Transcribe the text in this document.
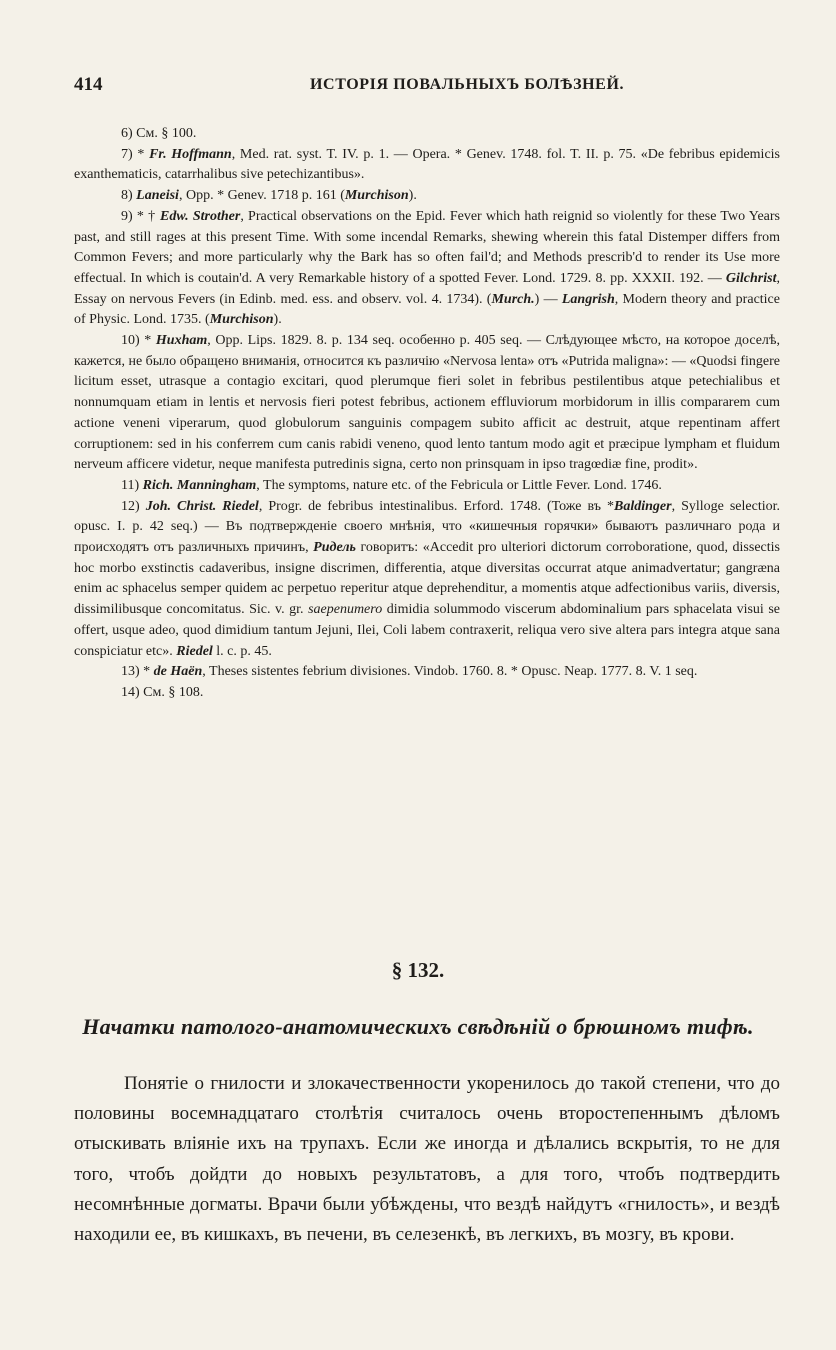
414	ИСТОРІЯ ПОВАЛЬНЫХЪ БОЛѢЗНЕЙ.

6) См. § 100.

7) * Fr. Hoffmann, Med. rat. syst. T. IV. p. 1. — Opera. * Genev. 1748. fol. T. II. p. 75. «De febribus epidemicis exanthematicis, catarrhalibus sive petechizantibus».

8) Laneisi, Opp. * Genev. 1718 p. 161 (Murchison).

9) * † Edw. Strother, Practical observations on the Epid. Fever which hath reignid so violently for these Two Years past, and still rages at this present Time. With some incendal Remarks, shewing wherein this fatal Distemper differs from Common Fevers; and more particularly why the Bark has so often fail'd; and Methods prescrib'd to render its Use more effectual. In which is coutain'd. A very Remarkable history of a spotted Fever. Lond. 1729. 8. pp. XXXII. 192. — Gilchrist, Essay on nervous Fevers (in Edinb. med. ess. and observ. vol. 4. 1734). (Murch.) — Langrish, Modern theory and practice of Physic. Lond. 1735. (Murchison).

10) * Huxham, Opp. Lips. 1829. 8. p. 134 seq. особенно р. 405 seq. — Слѣдующее мѣсто, на которое доселѣ, кажется, не было обращено вниманія, относится къ различію «Nervosa lenta» отъ «Putrida maligna»: — «Quodsi fingere licitum esset, utrasque a contagio excitari, quod plerumque fieri solet in febribus pestilentibus atque petechialibus et nonnumquam etiam in lentis et nervosis fieri potest febribus, actionem effluviorum morbidorum in illis compararem cum actione veneni viperarum, quod globulorum sanguinis compagem subito afficit ac destruit, atque repentinam affert corruptionem: sed in his conferrem cum canis rabidi veneno, quod lento tantum modo agit et præcipue lympham et fluidum nerveum afficere videtur, neque manifesta putredinis signa, certo non prinsquam in ipso tragœdiæ fine, prodit».

11) Rich. Manningham, The symptoms, nature etc. of the Febricula or Little Fever. Lond. 1746.

12) Joh. Christ. Riedel, Progr. de febribus intestinalibus. Erford. 1748. (Тоже въ *Baldinger, Sylloge selectior. opusc. I. p. 42 seq.) — Въ подтвержденіе своего мнѣнія, что «кишечныя горячки» бываютъ различнаго рода и происходятъ отъ различныхъ причинъ, Ридель говоритъ: «Accedit pro ulteriori dictorum corroboratione, quod, dissectis hoc morbo exstinctis cadaveribus, insigne discrimen, differentia, atque diversitas occurrat atque animadvertatur; gangræna enim ac sphacelus semper quidem ac perpetuo reperitur atque deprehenditur, a momentis atque adfectionibus variis, diversis, dissimilibusque concomitatus. Sic. v. gr. saepenumero dimidia solummodo viscerum abdominalium pars sphacelata visui se offert, usque adeo, quod dimidium tantum Jejuni, Ilei, Coli labem contraxerit, reliqua vero sive altera pars integra atque sana conspiciatur etc». Riedel l. c. p. 45.

13) * de Haën, Theses sistentes febrium divisiones. Vindob. 1760. 8. * Opusc. Neap. 1777. 8. V. 1 seq.

14) См. § 108.

§ 132.
Начатки патолого-анатомическихъ свѣдѣній о брюшномъ тифѣ.

Понятіе о гнилости и злокачественности укоренилось до такой степени, что до половины восемнадцатаго столѣтія считалось очень второстепеннымъ дѣломъ отыскивать вліяніе ихъ на трупахъ. Если же иногда и дѣлались вскрытія, то не для того, чтобъ дойдти до новыхъ результатовъ, а для того, чтобъ подтвердить несомнѣнные догматы. Врачи были убѣждены, что вездѣ найдутъ «гнилость», и вездѣ находили ее, въ кишкахъ, въ печени, въ селезенкѣ, въ легкихъ, въ мозгу, въ крови.
